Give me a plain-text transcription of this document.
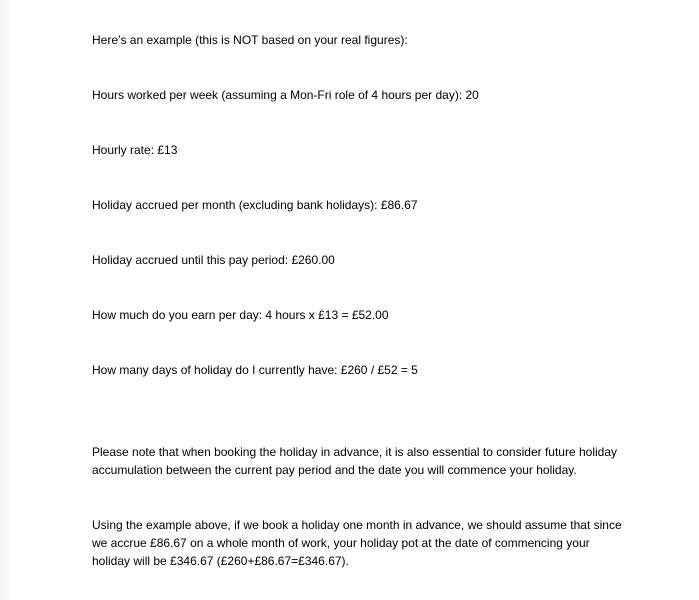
Here’s an example (this is NOT based on your real figures):

Hours worked per week (assuming a Mon-Fri role of 4 hours per day): 20

Hourly rate: £13

Holiday accrued per month (excluding bank holidays): £86.67

Holiday accrued until this pay period: £260.00

How much do you earn per day: 4 hours x £13 = £52.00

How many days of holiday do I currently have: £260 / £52 = 5

Please note that when booking the holiday in advance, it is also essential to consider future holiday
accumulation between the current pay period and the date you will commence your holiday.
Using the example above, if we book a holiday one month in advance, we should assume that since
we accrue £86.67 on a whole month of work, your holiday pot at the date of commencing your
holiday will be £346.67 (£260+£86.67=£346.67).
